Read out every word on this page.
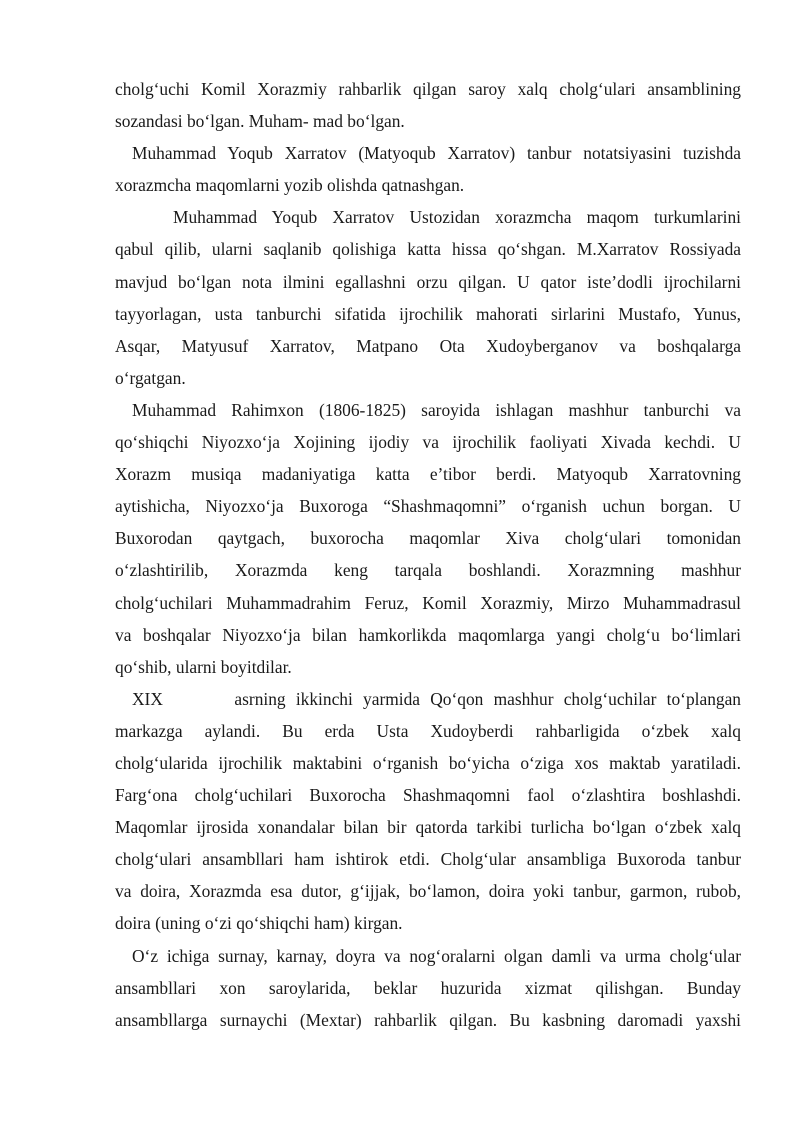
cholg‘uchi Komil Xorazmiy rahbarlik qilgan saroy xalq cholg‘ulari ansamblining
sozandasi bo‘lgan. Muham- mad bo‘lgan.
Muhammad Yoqub Xarratov (Matyoqub Xarratov) tanbur notatsiyasini tuzishda
xorazmcha maqomlarni yozib olishda qatnashgan.
Muhammad Yoqub Xarratov Ustozidan xorazmcha maqom turkumlarini
qabul qilib, ularni saqlanib qolishiga katta hissa qo‘shgan. M.Xarratov Rossiyada
mavjud bo‘lgan nota ilmini egallashni orzu qilgan. U qator iste’dodli ijrochilarni
tayyorlagan, usta tanburchi sifatida ijrochilik mahorati sirlarini Mustafo, Yunus,
Asqar, Matyusuf Xarratov, Matpano Ota Xudoyberganov va boshqalarga
o‘rgatgan.
Muhammad Rahimxon (1806-1825) saroyida ishlagan mashhur tanburchi va
qo‘shiqchi Niyozxo‘ja Xojining ijodiy va ijrochilik faoliyati Xivada kechdi. U
Xorazm musiqa madaniyatiga katta e’tibor berdi. Matyoqub Xarratovning
aytishicha, Niyozxo‘ja Buxoroga “Shashmaqomni” o‘rganish uchun borgan. U
Buxorodan qaytgach, buxorocha maqomlar Xiva cholg‘ulari tomonidan
o‘zlashtirilib, Xorazmda keng tarqala boshlandi. Xorazmning mashhur
cholg‘uchilari Muhammadrahim Feruz, Komil Xorazmiy, Mirzo Muhammadrasul
va boshqalar Niyozxo‘ja bilan hamkorlikda maqomlarga yangi cholg‘u bo‘limlari
qo‘shib, ularni boyitdilar.
XIX       asrning ikkinchi yarmida Qo‘qon mashhur cholg‘uchilar to‘plangan
markazga aylandi. Bu erda Usta Xudoyberdi rahbarligida o‘zbek xalq
cholg‘ularida ijrochilik maktabini o‘rganish bo‘yicha o‘ziga xos maktab yaratiladi.
Farg‘ona cholg‘uchilari Buxorocha Shashmaqomni faol o‘zlashtira boshlashdi.
Maqomlar ijrosida xonandalar bilan bir qatorda tarkibi turlicha bo‘lgan o‘zbek xalq
cholg‘ulari ansambllari ham ishtirok etdi. Cholg‘ular ansambliga Buxoroda tanbur
va doira, Xorazmda esa dutor, g‘ijjak, bo‘lamon, doira yoki tanbur, garmon, rubob,
doira (uning o‘zi qo‘shiqchi ham) kirgan.
O‘z ichiga surnay, karnay, doyra va nog‘oralarni olgan damli va urma cholg‘ular
ansambllari xon saroylarida, beklar huzurida xizmat qilishgan. Bunday
ansambllarga surnaychi (Mextar) rahbarlik qilgan. Bu kasbning daromadi yaxshi
